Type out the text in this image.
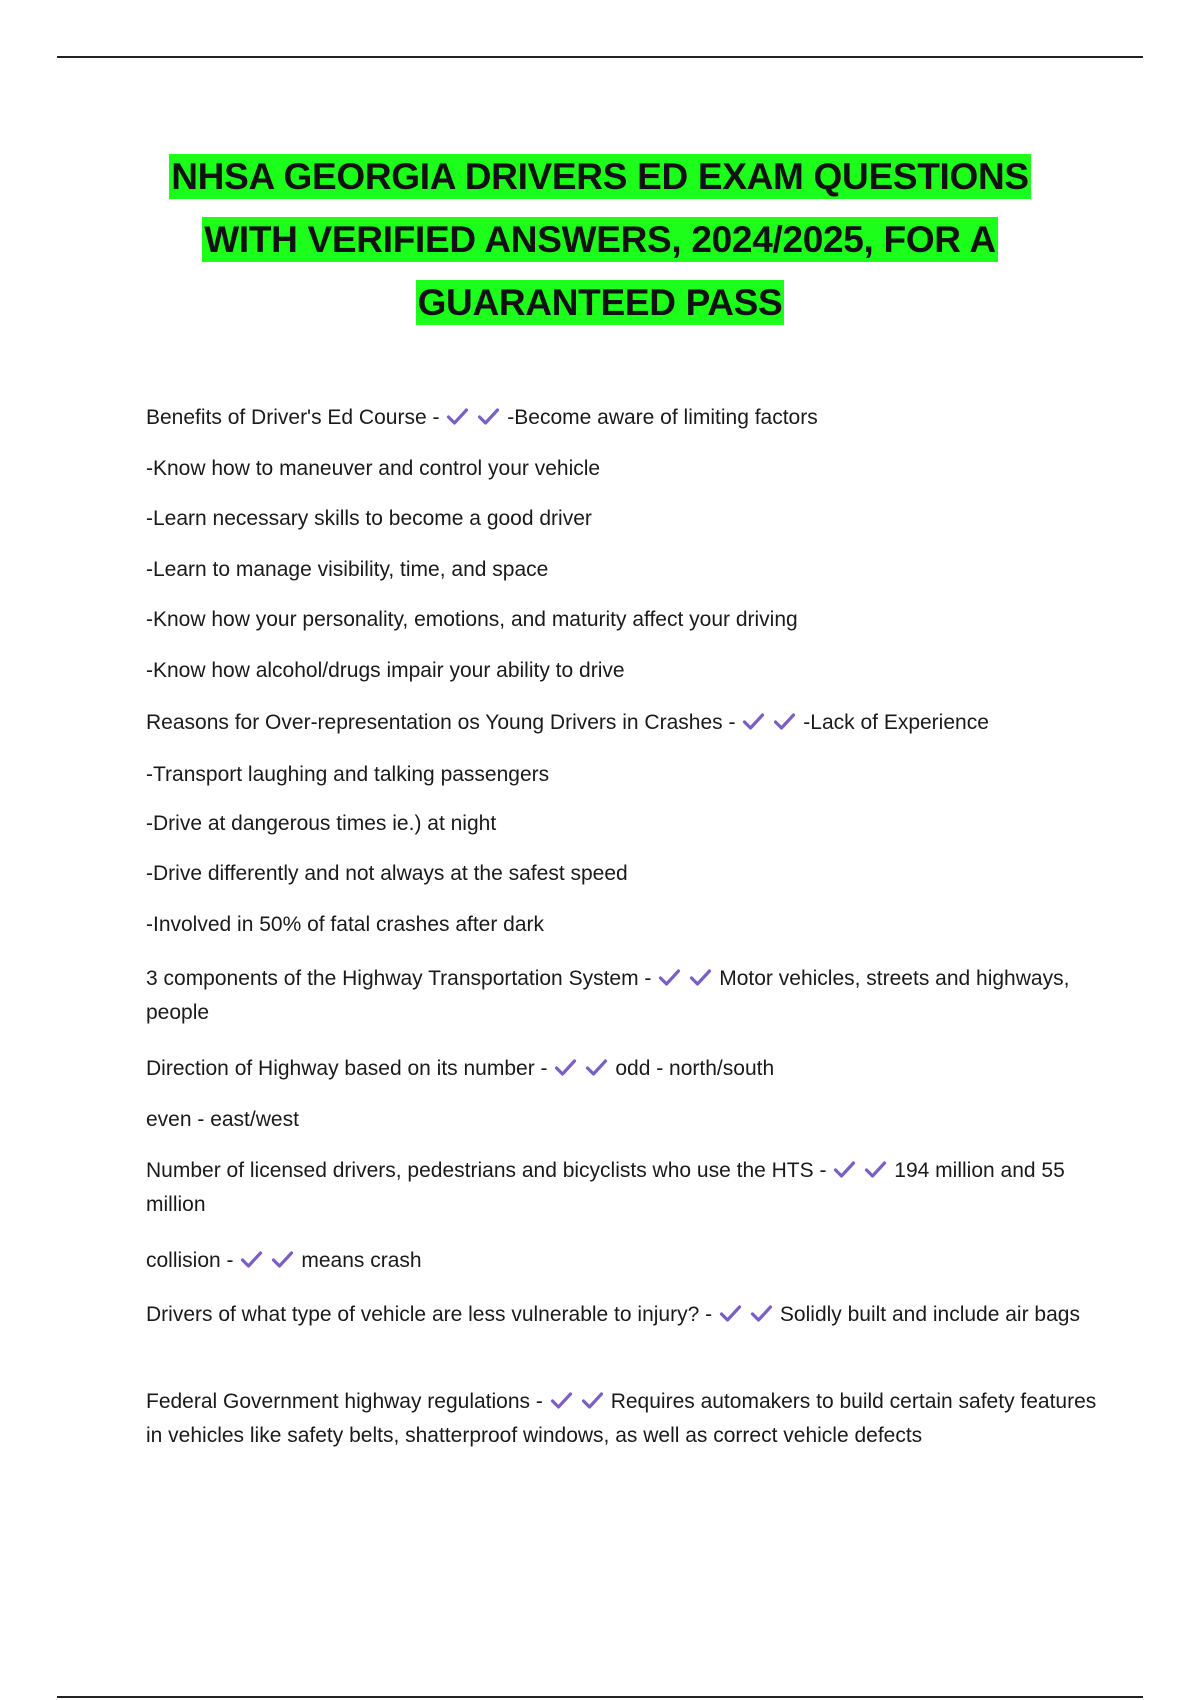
NHSA GEORGIA DRIVERS ED EXAM QUESTIONS
WITH VERIFIED ANSWERS, 2024/2025, FOR A
GUARANTEED PASS
Benefits of Driver's Ed Course -	-Become aware of limiting factors
-Know how to maneuver and control your vehicle
-Learn necessary skills to become a good driver
-Learn to manage visibility, time, and space
-Know how your personality, emotions, and maturity affect your driving
-Know how alcohol/drugs impair your ability to drive
Reasons for Over-representation os Young Drivers in Crashes -	-Lack of Experience
-Transport laughing and talking passengers
-Drive at dangerous times ie.) at night
-Drive differently and not always at the safest speed
-Involved in 50% of fatal crashes after dark
3 components of the Highway Transportation System -	Motor vehicles, streets and highways, people
Direction of Highway based on its number -	odd - north/south
even - east/west
Number of licensed drivers, pedestrians and bicyclists who use the HTS -	194 million and 55 million
collision -	means crash
Drivers of what type of vehicle are less vulnerable to injury? -	Solidly built and include air bags
Federal Government highway regulations -	Requires automakers to build certain safety features in vehicles like safety belts, shatterproof windows, as well as correct vehicle defects
